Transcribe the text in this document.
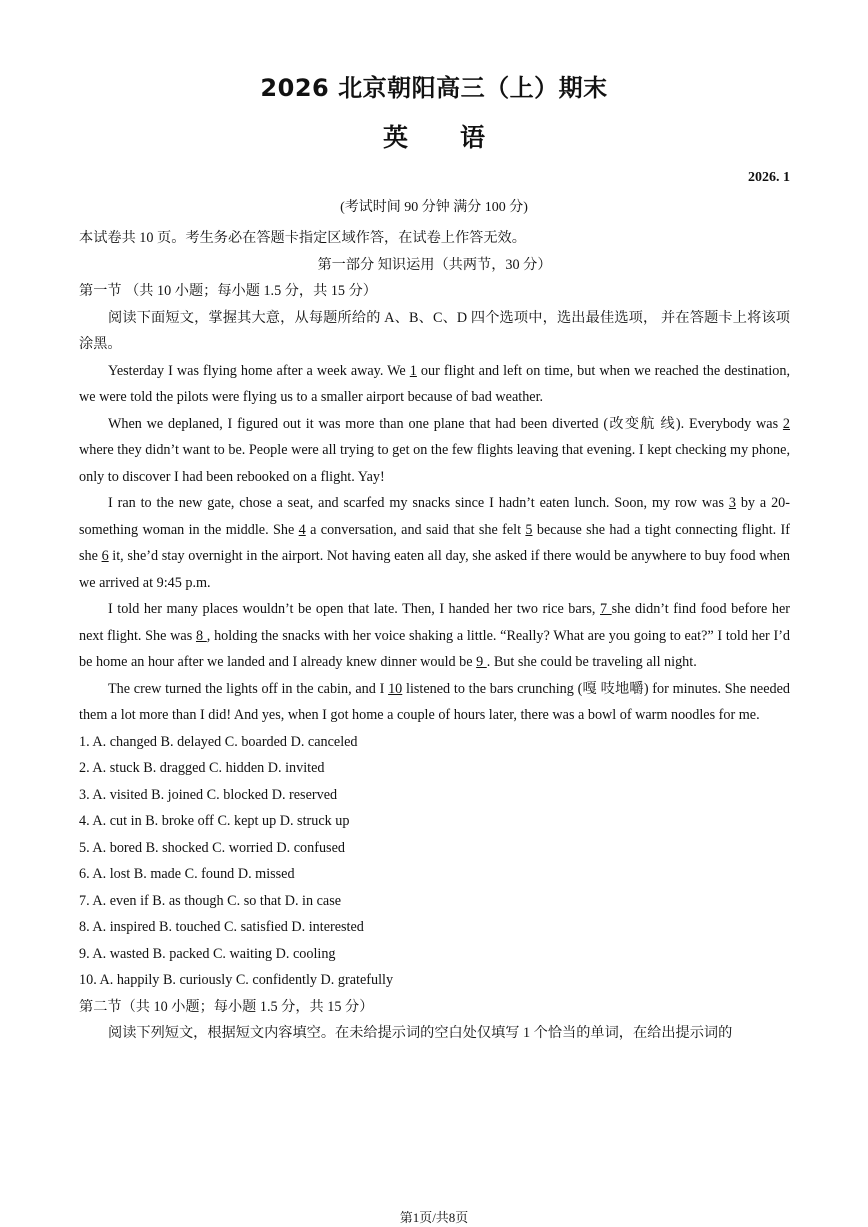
2026 北京朝阳高三（上）期末
英 语
2026. 1
(考试时间 90 分钟 满分 100 分)

本试卷共 10 页。考生务必在答题卡指定区域作答，在试卷上作答无效。

第一部分 知识运用（共两节，30 分）

第一节 （共 10 小题；每小题 1.5 分，共 15 分）

阅读下面短文，掌握其大意，从每题所给的 A、B、C、D 四个选项中，选出最佳选项， 并在答题卡上将该项涂黑。

Yesterday I was flying home after a week away. We 1 our flight and left on time, but when we reached the destination, we were told the pilots were flying us to a smaller airport because of bad weather.

When we deplaned, I figured out it was more than one plane that had been diverted (改变航 线). Everybody was 2 where they didn’t want to be. People were all trying to get on the few flights leaving that evening. I kept checking my phone, only to discover I had been rebooked on a flight. Yay!

I ran to the new gate, chose a seat, and scarfed my snacks since I hadn’t eaten lunch. Soon, my row was 3 by a 20-something woman in the middle. She 4 a conversation, and said that she felt 5 because she had a tight connecting flight. If she 6 it, she’d stay overnight in the airport. Not having eaten all day, she asked if there would be anywhere to buy food when we arrived at 9:45 p.m.

I told her many places wouldn’t be open that late. Then, I handed her two rice bars, 7 she didn’t find food before her next flight. She was 8 , holding the snacks with her voice shaking a little. “Really? What are you going to eat?” I told her I’d be home an hour after we landed and I already knew dinner would be 9 . But she could be traveling all night.

The crew turned the lights off in the cabin, and I 10 listened to the bars crunching (嘎 吱地嚼) for minutes. She needed them a lot more than I did! And yes, when I got home a couple of hours later, there was a bowl of warm noodles for me.

1. A. changed B. delayed C. boarded D. canceled

2. A. stuck B. dragged C. hidden D. invited

3. A. visited B. joined C. blocked D. reserved

4. A. cut in B. broke off C. kept up D. struck up

5. A. bored B. shocked C. worried D. confused

6. A. lost B. made C. found D. missed

7. A. even if B. as though C. so that D. in case

8. A. inspired B. touched C. satisfied D. interested

9. A. wasted B. packed C. waiting D. cooling

10. A. happily B. curiously C. confidently D. gratefully

第二节（共 10 小题；每小题 1.5 分，共 15 分）

阅读下列短文，根据短文内容填空。在未给提示词的空白处仅填写 1 个恰当的单词，在给出提示词的

第1页/共8页
